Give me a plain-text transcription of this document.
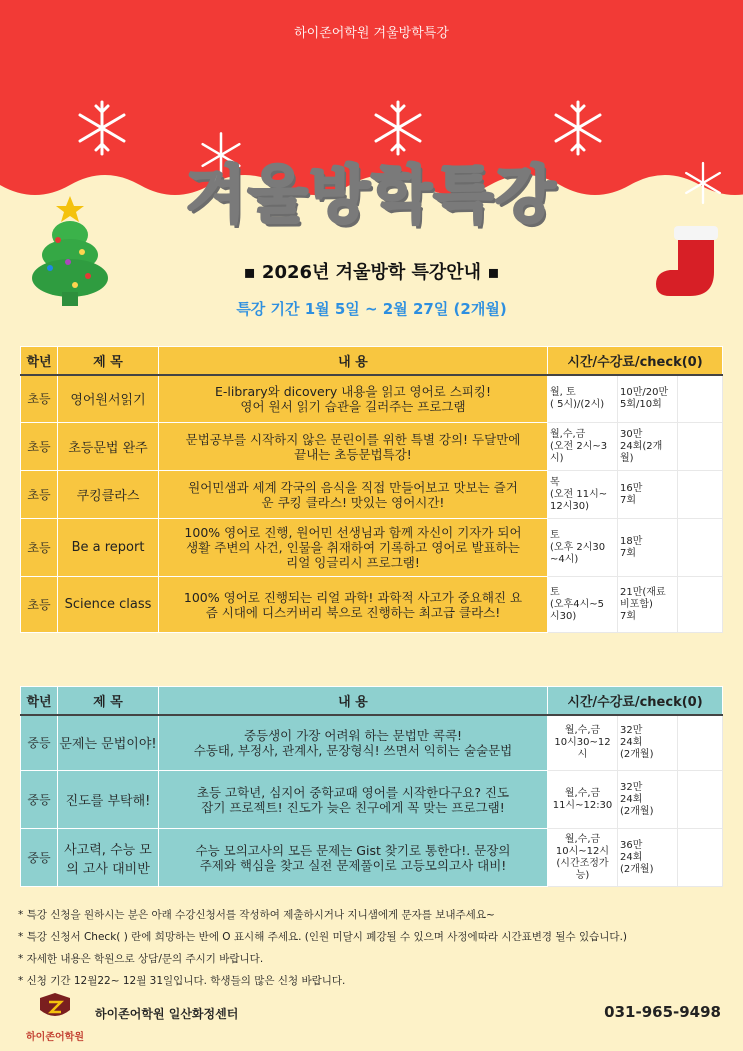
하이존어학원 겨울방학특강
겨울방학특강
▪ 2026년 겨울방학 특강안내 ▪
특강 기간 1월 5일 ~ 2월 27일 (2개월)
학년	제 목	내 용	시간/수강료/check(0)		
초등	영어원서읽기	E-library와 dicovery 내용을 읽고 영어로 스피킹!
영어 원서 읽기 습관을 길러주는 프로그램	월, 토
( 5시)/(2시)	10만/20만
5회/10회	
초등	초등문법 완주	문법공부를 시작하지 않은 문린이를 위한 특별 강의! 두달만에
끝내는 초등문법특강!	월,수,금
(오전 2시~3
시)	30만
24회(2개월)	
초등	쿠킹클라스	원어민샘과 세계 각국의 음식을 직접 만들어보고 맛보는 즐거
운 쿠킹 클라스! 맛있는 영어시간!	목
(오전 11시~
12시30)	16만
7회	
초등	Be a report	100% 영어로 진행, 원어민 선생님과 함께 자신이 기자가 되어
생활 주변의 사건, 인물을 취재하여 기록하고 영어로 발표하는
리얼 잉글리시 프로그램!	토
(오후 2시30
~4시)	18만
7회	
초등	Science class	100% 영어로 진행되는 리얼 과학! 과학적 사고가 중요해진 요
즘 시대에 디스커버리 북으로 진행하는 최고급 클라스!	토
(오후4시~5
시30)	21만(재료
비포함)
7회	
학년	제 목	내 용	시간/수강료/check(0)		
중등	문제는 문법이야!	중등생이 가장 어려워 하는 문법만 콕콕!
수동태, 부정사, 관계사, 문장형식! 쓰면서 익히는 술술문법	월,수,금
10시30~12시	32만
24회
(2개월)	
중등	진도를 부탁해!	초등 고학년, 심지어 중학교때 영어를 시작한다구요? 진도
잡기 프로젝트! 진도가 늦은 친구에게 꼭 맞는 프로그램!	월,수,금
11시~12:30	32만
24회
(2개월)	
중등	사고력, 수능 모의 고사 대비반	수능 모의고사의 모든 문제는 Gist 찾기로 통한다!. 문장의
주제와 핵심을 찾고 실전 문제풀이로 고등모의고사 대비!	월,수,금
10시~12시
(시간조정가능)	36만
24회
(2개월)	
* 특강 신청을 원하시는 분은 아래 수강신청서를 작성하여 제출하시거나 지니샘에게 문자를 보내주세요~
* 특강 신청서 Check( ) 란에 희망하는 반에 O 표시해 주세요. (인원 미달시 폐강될 수 있으며 사정에따라 시간표변경 될수 있습니다.)
* 자세한 내용은 학원으로 상담/문의 주시기 바랍니다.
* 신청 기간 12월22~ 12월 31일입니다. 학생들의 많은 신청 바랍니다.
하이존어학원
하이존어학원 일산화정센터	031-965-9498
